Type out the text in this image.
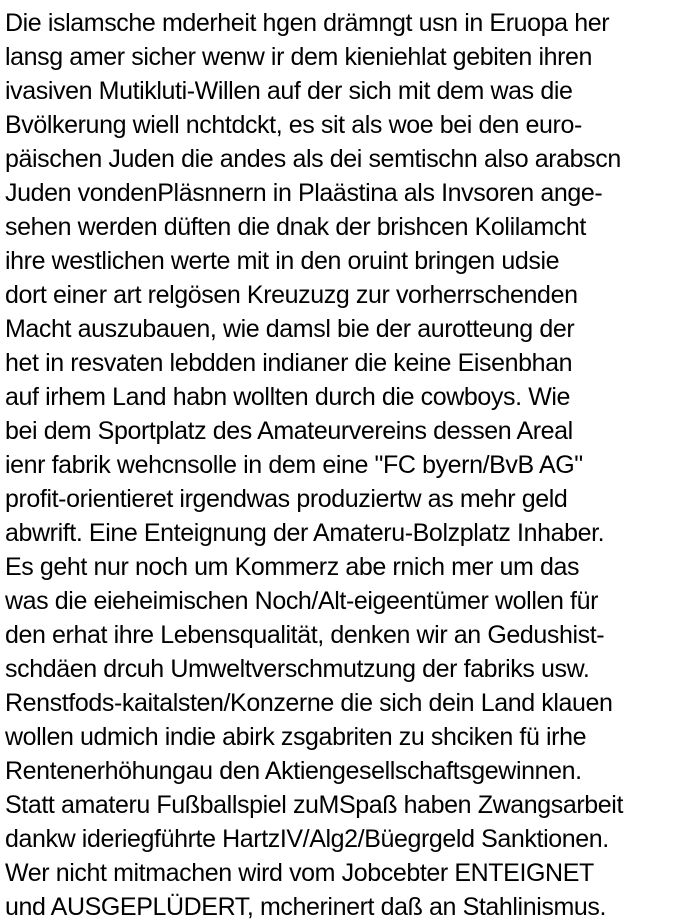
Die islamsche mderheit hgen drämngt usn in Eruopa her
lansg amer sicher wenw ir dem kieniehlat gebiten ihren
ivasiven Mutikluti-Willen auf der sich mit dem was die
Bvölkerung wiell nchtdckt, es sit als woe bei den euro-
päischen Juden die andes als dei semtischn also arabscn
Juden vondenPläsnnern in Plaästina als Invsoren ange-
sehen werden düften die dnak der brishcen Kolilamcht
ihre westlichen werte mit in den oruint bringen udsie
dort einer art relgösen Kreuzuzg zur vorherrschenden
Macht auszubauen, wie damsl bie der aurotteung der
het in resvaten lebdden indianer die keine Eisenbhan
auf irhem Land habn wollten durch die cowboys. Wie
bei dem Sportplatz des Amateurvereins dessen Areal
ienr fabrik wehcnsolle in dem eine "FC byern/BvB AG"
profit-orientieret irgendwas produziertw as mehr geld
abwrift. Eine Enteignung der Amateru-Bolzplatz Inhaber.
Es geht nur noch um Kommerz abe rnich mer um das
was die eieheimischen Noch/Alt-eigeentümer wollen für
den erhat ihre Lebensqualität, denken wir an Gedushist-
schdäen drcuh Umweltverschmutzung der fabriks usw.
Renstfods-kaitalsten/Konzerne die sich dein Land klauen
wollen udmich indie abirk zsgabriten zu shciken fü irhe
Rentenerhöhungau den Aktiengesellschaftsgewinnen.
Statt amateru Fußballspiel zuMSpaß haben Zwangsarbeit
dankw ideriegführte HartzIV/Alg2/Büegrgeld Sanktionen.
Wer nicht mitmachen wird vom Jobcebter ENTEIGNET
und AUSGEPLÜDERT, mcherinert daß an Stahlinismus.
